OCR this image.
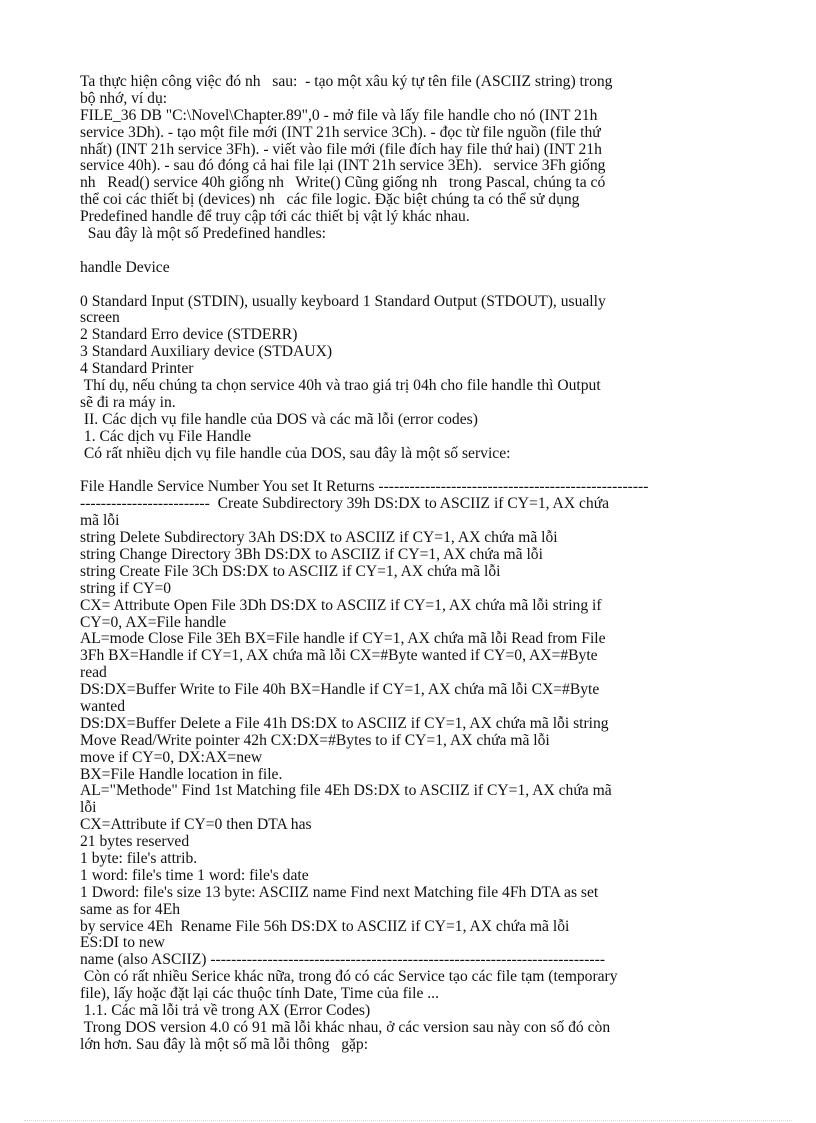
Ta thực hiện công việc đó nh   sau:  - tạo một xâu ký tự tên file (ASCIIZ string) trong
bộ nhớ, ví dụ:
FILE_36 DB "C:\Novel\Chapter.89",0 - mở file và lấy file handle cho nó (INT 21h
service 3Dh). - tạo một file mới (INT 21h service 3Ch). - đọc từ file nguồn (file thứ
nhất) (INT 21h service 3Fh). - viết vào file mới (file đích hay file thứ hai) (INT 21h
service 40h). - sau đó đóng cả hai file lại (INT 21h service 3Eh).   service 3Fh giống
nh   Read() service 40h giống nh   Write() Cũng giống nh   trong Pascal, chúng ta có
thể coi các thiết bị (devices) nh   các file logic. Đặc biệt chúng ta có thể sử dụng
Predefined handle để truy cập tới các thiết bị vật lý khác nhau.
Sau đây là một số Predefined handles:
handle Device
0 Standard Input (STDIN), usually keyboard 1 Standard Output (STDOUT), usually
screen
2 Standard Erro device (STDERR)
3 Standard Auxiliary device (STDAUX)
4 Standard Printer
Thí dụ, nếu chúng ta chọn service 40h và trao giá trị 04h cho file handle thì Output
sẽ đi ra máy in.
II. Các dịch vụ file handle của DOS và các mã lỗi (error codes)
1. Các dịch vụ File Handle
Có rất nhiều dịch vụ file handle của DOS, sau đây là một số service:
File Handle Service Number You set It Returns ----------------------------------------------------
-------------------------  Create Subdirectory 39h DS:DX to ASCIIZ if CY=1, AX chứa
mã lỗi
string Delete Subdirectory 3Ah DS:DX to ASCIIZ if CY=1, AX chứa mã lỗi
string Change Directory 3Bh DS:DX to ASCIIZ if CY=1, AX chứa mã lỗi
string Create File 3Ch DS:DX to ASCIIZ if CY=1, AX chứa mã lỗi
string if CY=0
CX= Attribute Open File 3Dh DS:DX to ASCIIZ if CY=1, AX chứa mã lỗi string if
CY=0, AX=File handle
AL=mode Close File 3Eh BX=File handle if CY=1, AX chứa mã lỗi Read from File
3Fh BX=Handle if CY=1, AX chứa mã lỗi CX=#Byte wanted if CY=0, AX=#Byte
read
DS:DX=Buffer Write to File 40h BX=Handle if CY=1, AX chứa mã lỗi CX=#Byte
wanted
DS:DX=Buffer Delete a File 41h DS:DX to ASCIIZ if CY=1, AX chứa mã lỗi string
Move Read/Write pointer 42h CX:DX=#Bytes to if CY=1, AX chứa mã lỗi
move if CY=0, DX:AX=new
BX=File Handle location in file.
AL="Methode" Find 1st Matching file 4Eh DS:DX to ASCIIZ if CY=1, AX chứa mã
lỗi
CX=Attribute if CY=0 then DTA has
21 bytes reserved
1 byte: file's attrib.
1 word: file's time 1 word: file's date
1 Dword: file's size 13 byte: ASCIIZ name Find next Matching file 4Fh DTA as set
same as for 4Eh
by service 4Eh  Rename File 56h DS:DX to ASCIIZ if CY=1, AX chứa mã lỗi
ES:DI to new
name (also ASCIIZ) ----------------------------------------------------------------------------
Còn có rất nhiều Serice khác nữa, trong đó có các Service tạo các file tạm (temporary
file), lấy hoặc đặt lại các thuộc tính Date, Time của file ...
1.1. Các mã lỗi trả về trong AX (Error Codes)
Trong DOS version 4.0 có 91 mã lỗi khác nhau, ở các version sau này con số đó còn
lớn hơn. Sau đây là một số mã lỗi thông   gặp:
